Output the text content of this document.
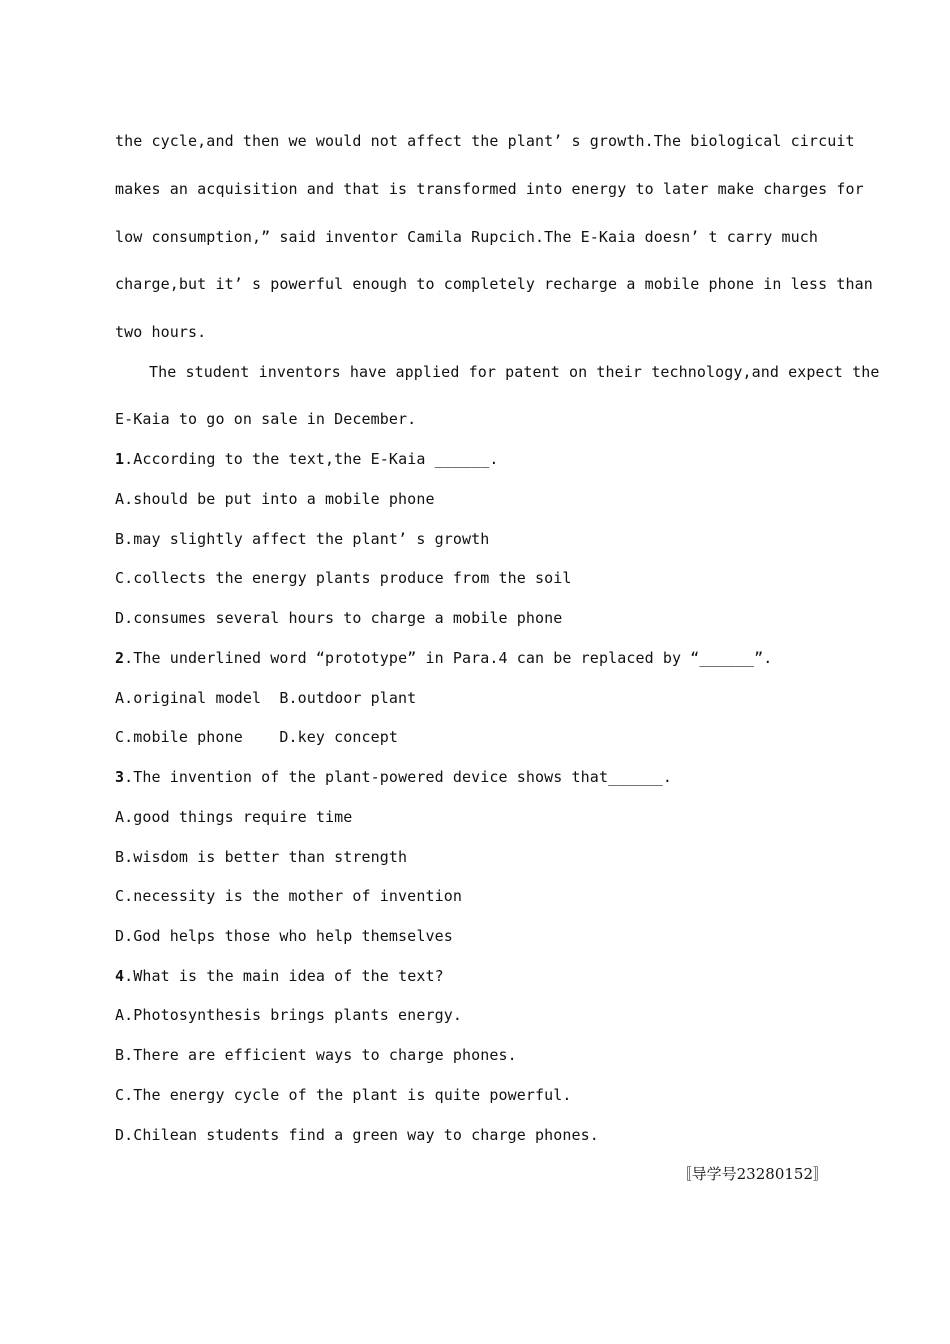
the cycle,and then we would not affect the plant’ s growth.The biological circuit
makes an acquisition and that is transformed into energy to later make charges for
low consumption,” said inventor Camila Rupcich.The E-Kaia doesn’ t carry much
charge,but it’ s powerful enough to completely recharge a mobile phone in less than
two hours.
The student inventors have applied for patent on their technology,and expect the
E-Kaia to go on sale in December.
1.According to the text,the E-Kaia ______.
A.should be put into a mobile phone
B.may slightly affect the plant’ s growth
C.collects the energy plants produce from the soil
D.consumes several hours to charge a mobile phone
2.The underlined word “prototype” in Para.4 can be replaced by “______”.
A.original model  B.outdoor plant
C.mobile phone    D.key concept
3.The invention of the plant-powered device shows that______.
A.good things require time
B.wisdom is better than strength
C.necessity is the mother of invention
D.God helps those who help themselves
4.What is the main idea of the text?
A.Photosynthesis brings plants energy.
B.There are efficient ways to charge phones.
C.The energy cycle of the plant is quite powerful.
D.Chilean students find a green way to charge phones.
〚导学号23280152〛
